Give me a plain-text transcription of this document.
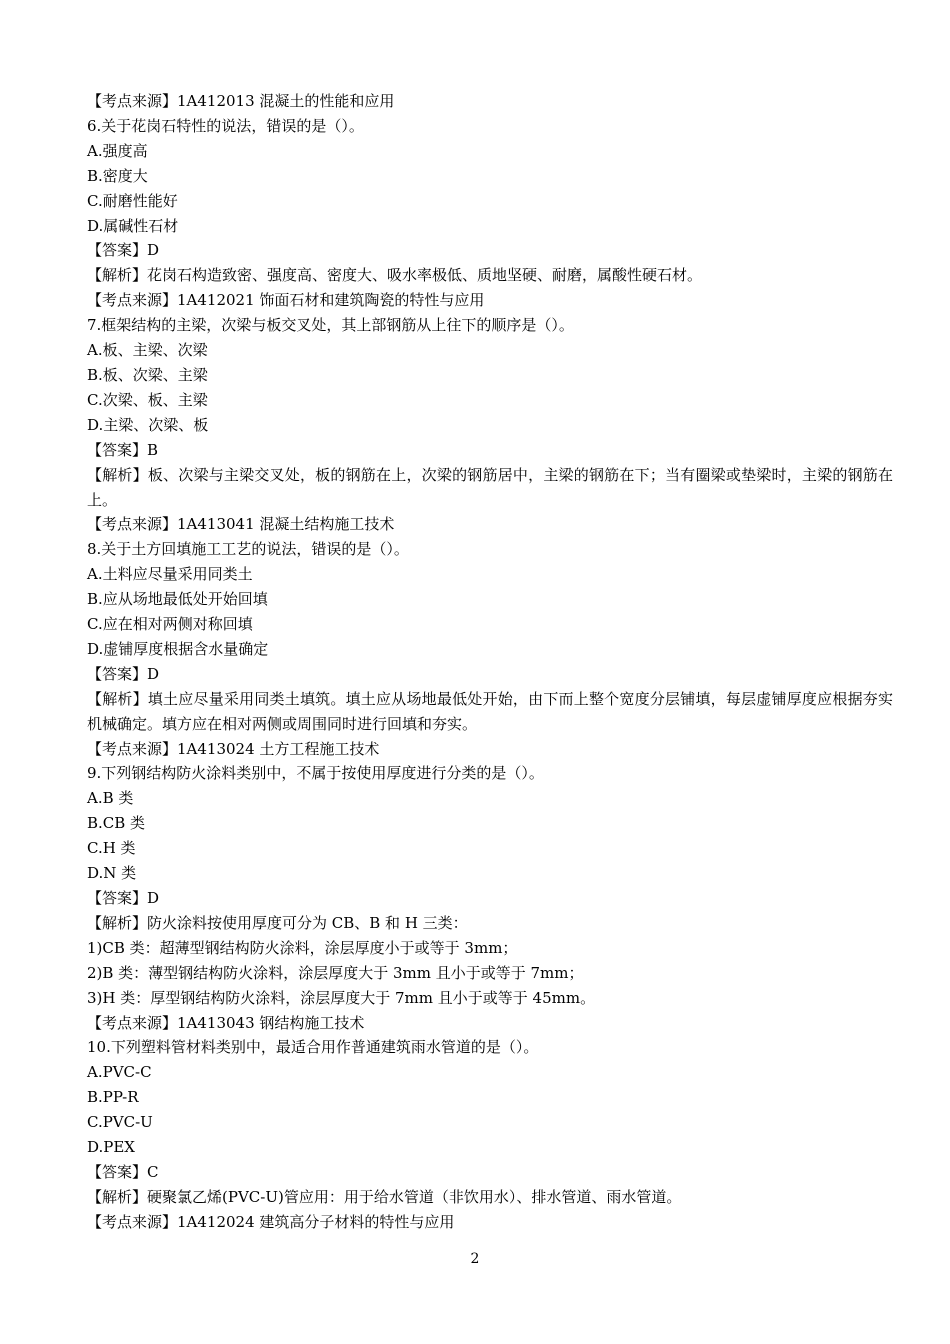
【考点来源】1A412013 混凝土的性能和应用
6.关于花岗石特性的说法，错误的是（）。
A.强度高
B.密度大
C.耐磨性能好
D.属碱性石材
【答案】D
【解析】花岗石构造致密、强度高、密度大、吸水率极低、质地坚硬、耐磨，属酸性硬石材。
【考点来源】1A412021 饰面石材和建筑陶瓷的特性与应用
7.框架结构的主梁，次梁与板交叉处，其上部钢筋从上往下的顺序是（）。
A.板、主梁、次梁
B.板、次梁、主梁
C.次梁、板、主梁
D.主梁、次梁、板
【答案】B
【解析】板、次梁与主梁交叉处，板的钢筋在上，次梁的钢筋居中，主梁的钢筋在下；当有圈梁或垫梁时，主梁的钢筋在上。
【考点来源】1A413041 混凝土结构施工技术
8.关于土方回填施工工艺的说法，错误的是（）。
A.土料应尽量采用同类土
B.应从场地最低处开始回填
C.应在相对两侧对称回填
D.虚铺厚度根据含水量确定
【答案】D
【解析】填土应尽量采用同类土填筑。填土应从场地最低处开始，由下而上整个宽度分层铺填，每层虚铺厚度应根据夯实机械确定。填方应在相对两侧或周围同时进行回填和夯实。
【考点来源】1A413024 土方工程施工技术
9.下列钢结构防火涂料类别中，不属于按使用厚度进行分类的是（）。
A.B 类
B.CB 类
C.H 类
D.N 类
【答案】D
【解析】防火涂料按使用厚度可分为 CB、B 和 H 三类：
1)CB 类：超薄型钢结构防火涂料，涂层厚度小于或等于 3mm；
2)B 类：薄型钢结构防火涂料，涂层厚度大于 3mm 且小于或等于 7mm；
3)H 类：厚型钢结构防火涂料，涂层厚度大于 7mm 且小于或等于 45mm。
【考点来源】1A413043 钢结构施工技术
10.下列塑料管材料类别中，最适合用作普通建筑雨水管道的是（）。
A.PVC-C
B.PP-R
C.PVC-U
D.PEX
【答案】C
【解析】硬聚氯乙烯(PVC-U)管应用：用于给水管道（非饮用水）、排水管道、雨水管道。
【考点来源】1A412024 建筑高分子材料的特性与应用
2
